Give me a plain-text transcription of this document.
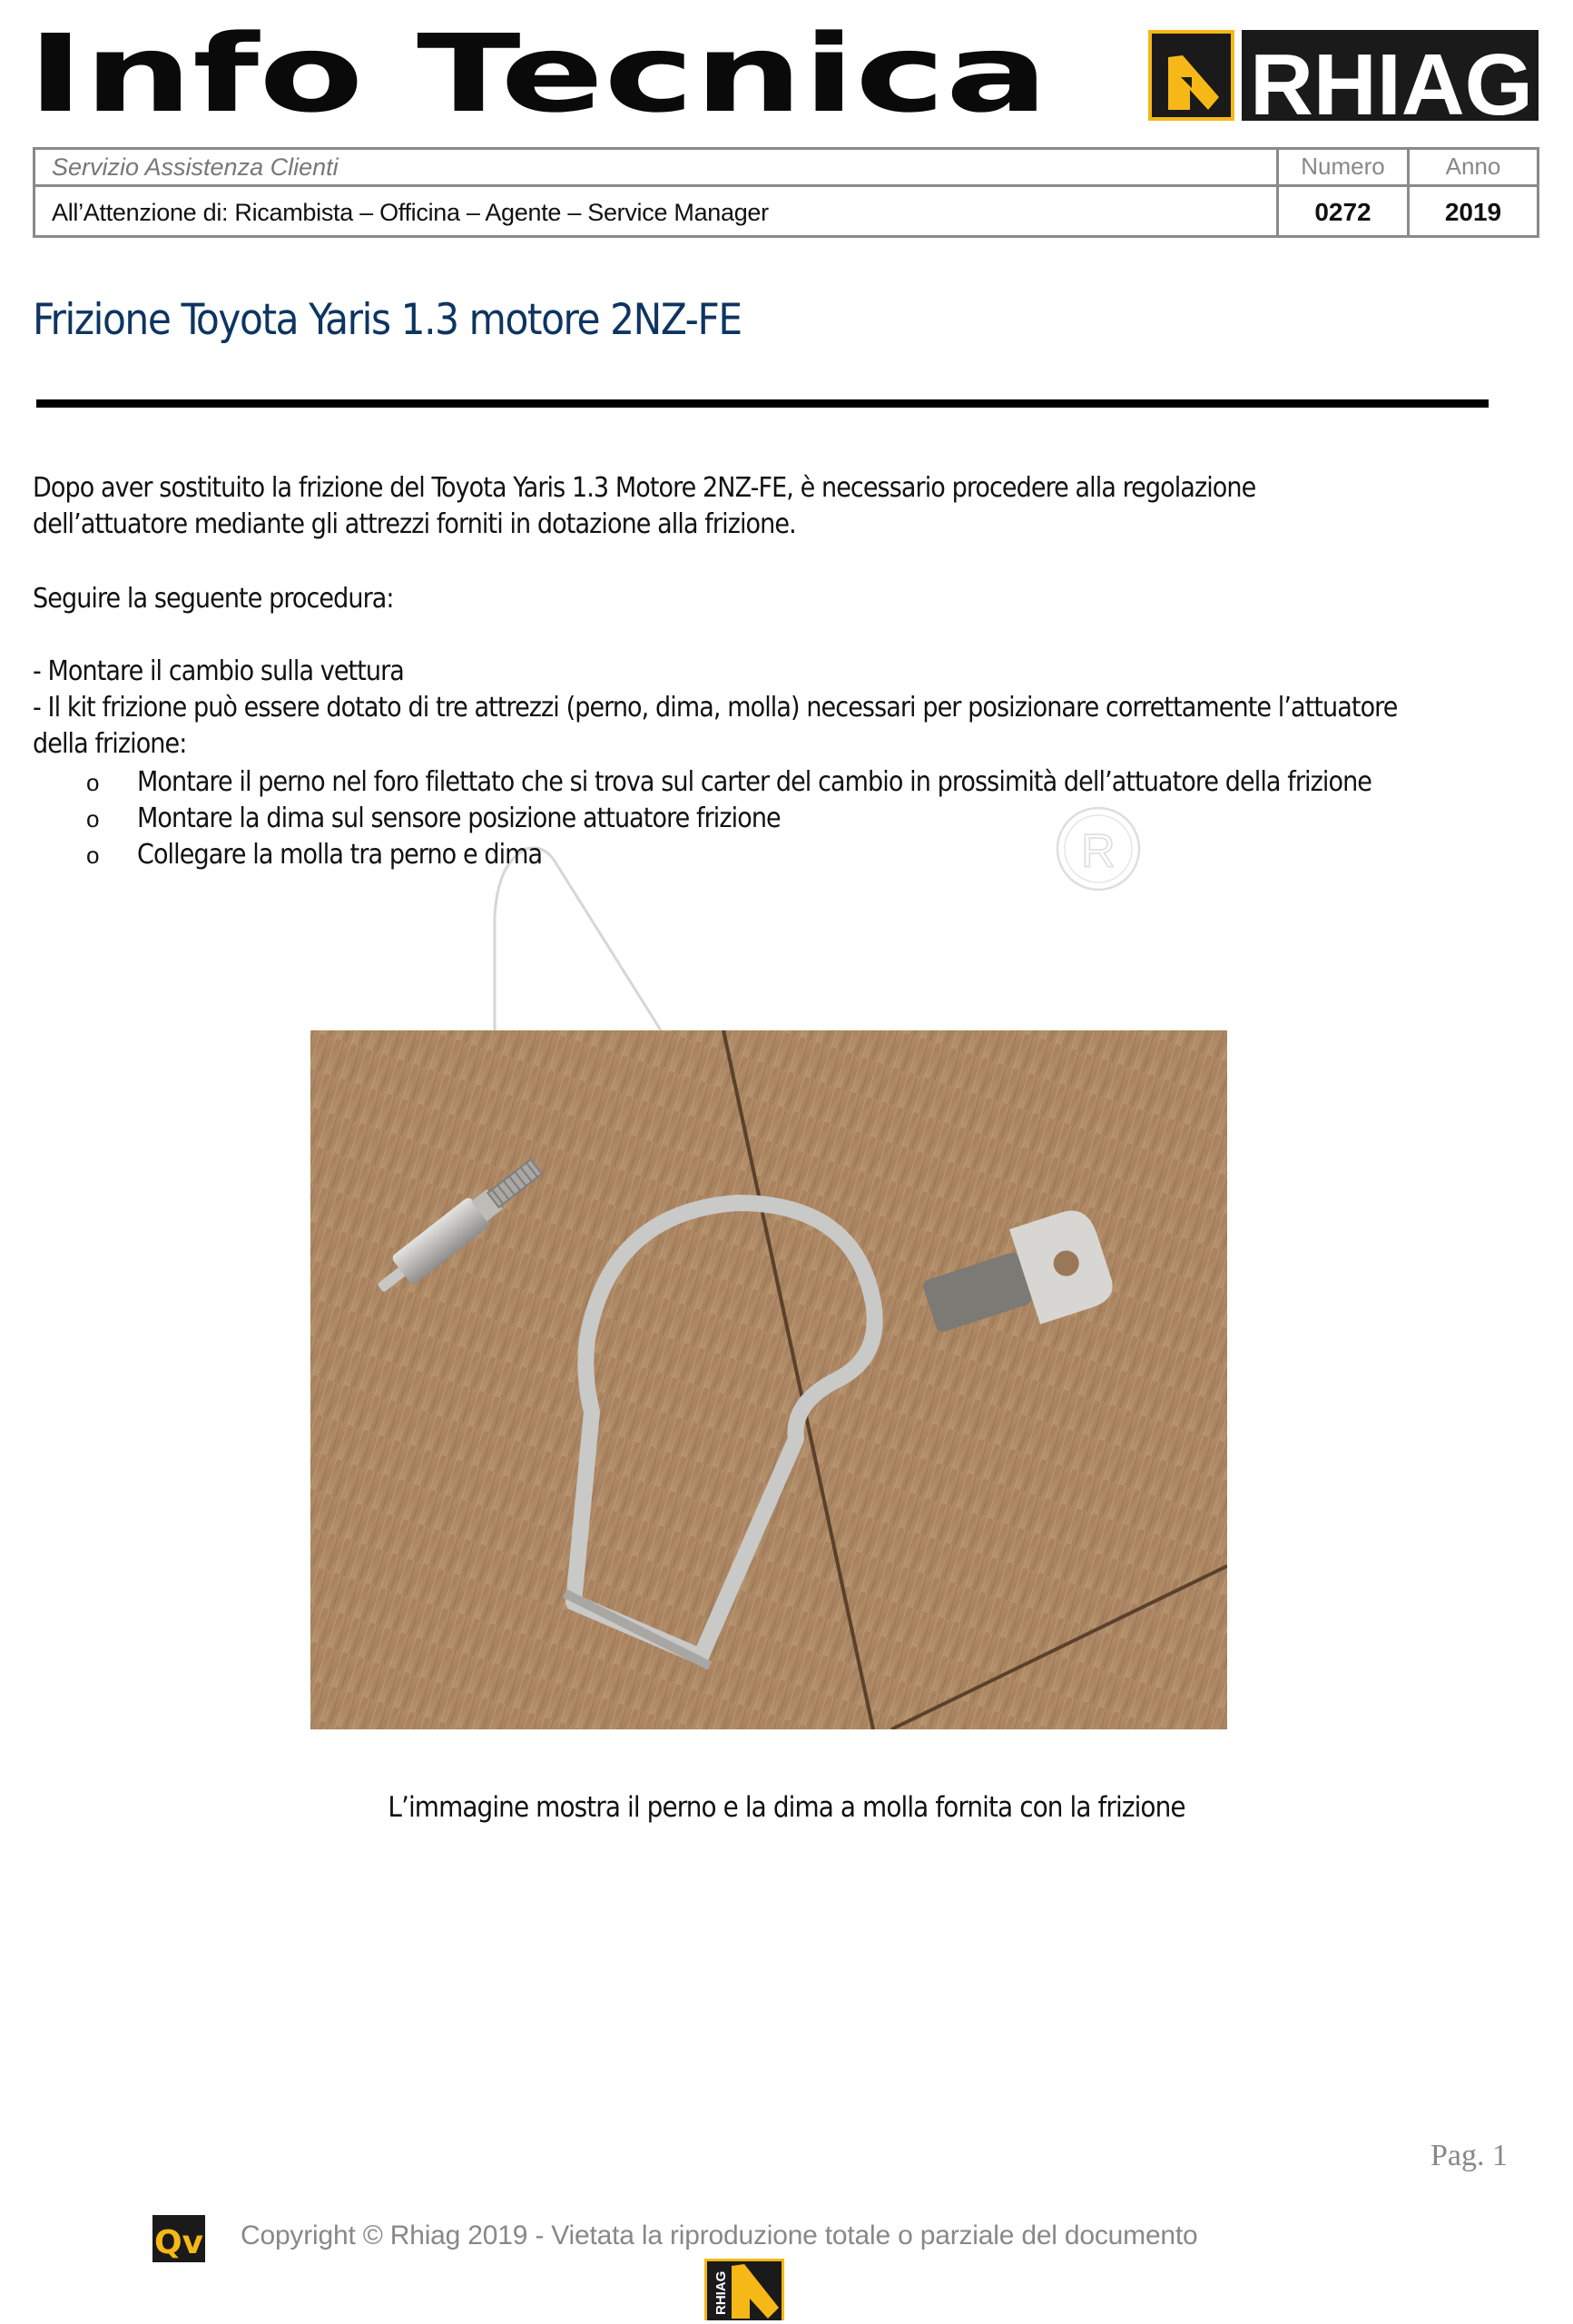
Info Tecnica RHIAG
Servizio Assistenza Clienti	Numero	Anno
All’Attenzione di: Ricambista – Officina – Agente – Service Manager	0272	2019
Frizione Toyota Yaris 1.3 motore 2NZ-FE
R
Dopo aver sostituito la frizione del Toyota Yaris 1.3 Motore 2NZ-FE, è necessario procedere alla regolazione
dell’attuatore mediante gli attrezzi forniti in dotazione alla frizione.
Seguire la seguente procedura:
- Montare il cambio sulla vettura
- Il kit frizione può essere dotato di tre attrezzi (perno, dima, molla) necessari per posizionare correttamente l’attuatore
della frizione:
o Montare il perno nel foro filettato che si trova sul carter del cambio in prossimità dell’attuatore della frizione
o Montare la dima sul sensore posizione attuatore frizione
o Collegare la molla tra perno e dima
L’immagine mostra il perno e la dima a molla fornita con la frizione
Pag. 1
Qv Copyright © Rhiag 2019 - Vietata la riproduzione totale o parziale del documento
RHIAG
